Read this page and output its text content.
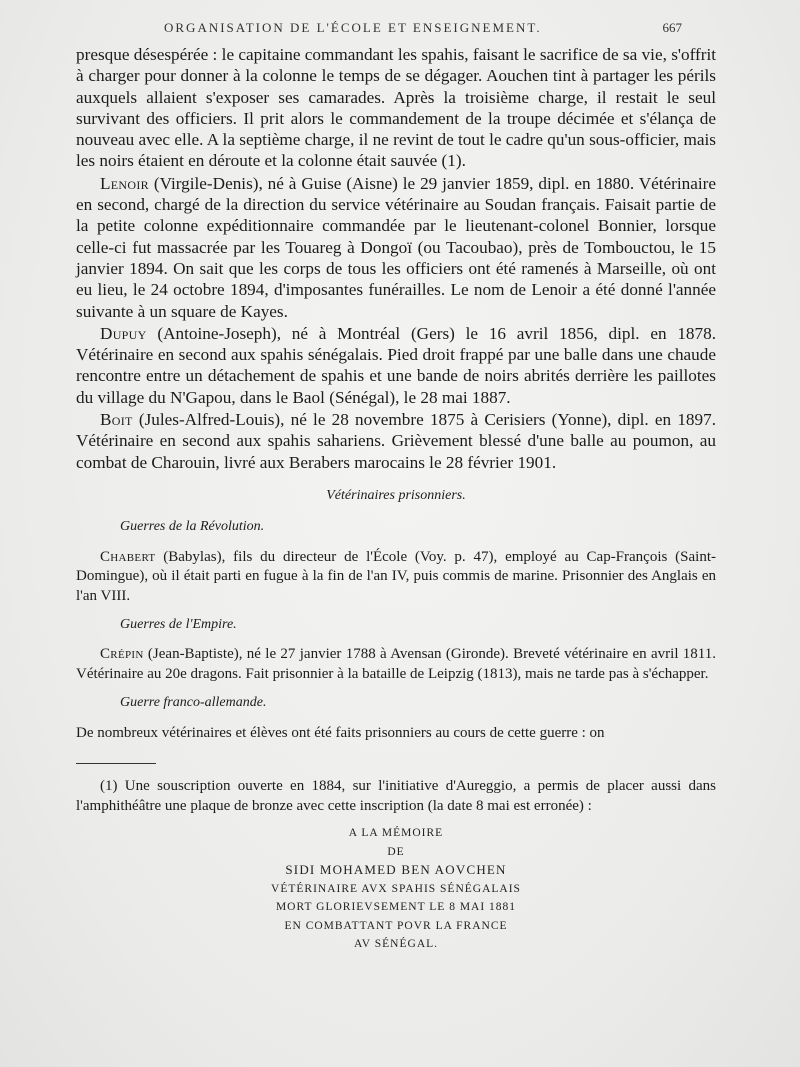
ORGANISATION DE L'ÉCOLE ET ENSEIGNEMENT.	667

presque désespérée : le capitaine commandant les spahis, faisant le sacrifice de sa vie, s'offrit à charger pour donner à la colonne le temps de se dégager. Aouchen tint à partager les périls auxquels allaient s'exposer ses camarades. Après la troisième charge, il restait le seul survivant des officiers. Il prit alors le commandement de la troupe décimée et s'élança de nouveau avec elle. A la septième charge, il ne revint de tout le cadre qu'un sous-officier, mais les noirs étaient en déroute et la colonne était sauvée (1).

Lenoir (Virgile-Denis), né à Guise (Aisne) le 29 janvier 1859, dipl. en 1880. Vétérinaire en second, chargé de la direction du service vétérinaire au Soudan français. Faisait partie de la petite colonne expéditionnaire commandée par le lieutenant-colonel Bonnier, lorsque celle-ci fut massacrée par les Touareg à Dongoï (ou Tacoubao), près de Tombouctou, le 15 janvier 1894. On sait que les corps de tous les officiers ont été ramenés à Marseille, où ont eu lieu, le 24 octobre 1894, d'imposantes funérailles. Le nom de Lenoir a été donné l'année suivante à un square de Kayes.

Dupuy (Antoine-Joseph), né à Montréal (Gers) le 16 avril 1856, dipl. en 1878. Vétérinaire en second aux spahis sénégalais. Pied droit frappé par une balle dans une chaude rencontre entre un détachement de spahis et une bande de noirs abrités derrière les paillotes du village du N'Gapou, dans le Baol (Sénégal), le 28 mai 1887.

Boit (Jules-Alfred-Louis), né le 28 novembre 1875 à Cerisiers (Yonne), dipl. en 1897. Vétérinaire en second aux spahis sahariens. Grièvement blessé d'une balle au poumon, au combat de Charouin, livré aux Berabers marocains le 28 février 1901.

Vétérinaires prisonniers.
Guerres de la Révolution.

Chabert (Babylas), fils du directeur de l'École (Voy. p. 47), employé au Cap-François (Saint-Domingue), où il était parti en fugue à la fin de l'an IV, puis commis de marine. Prisonnier des Anglais en l'an VIII.

Guerres de l'Empire.

Crépin (Jean-Baptiste), né le 27 janvier 1788 à Avensan (Gironde). Breveté vétérinaire en avril 1811. Vétérinaire au 20e dragons. Fait prisonnier à la bataille de Leipzig (1813), mais ne tarde pas à s'échapper.

Guerre franco-allemande.

De nombreux vétérinaires et élèves ont été faits prisonniers au cours de cette guerre : on

(1) Une souscription ouverte en 1884, sur l'initiative d'Aureggio, a permis de placer aussi dans l'amphithéâtre une plaque de bronze avec cette inscription (la date 8 mai est erronée) :

A LA MÉMOIRE
DE
SIDI MOHAMED BEN AOVCHEN
VÉTÉRINAIRE AVX SPAHIS SÉNÉGALAIS
MORT GLORIEVSEMENT LE 8 MAI 1881
EN COMBATTANT POVR LA FRANCE
AV SÉNÉGAL.
